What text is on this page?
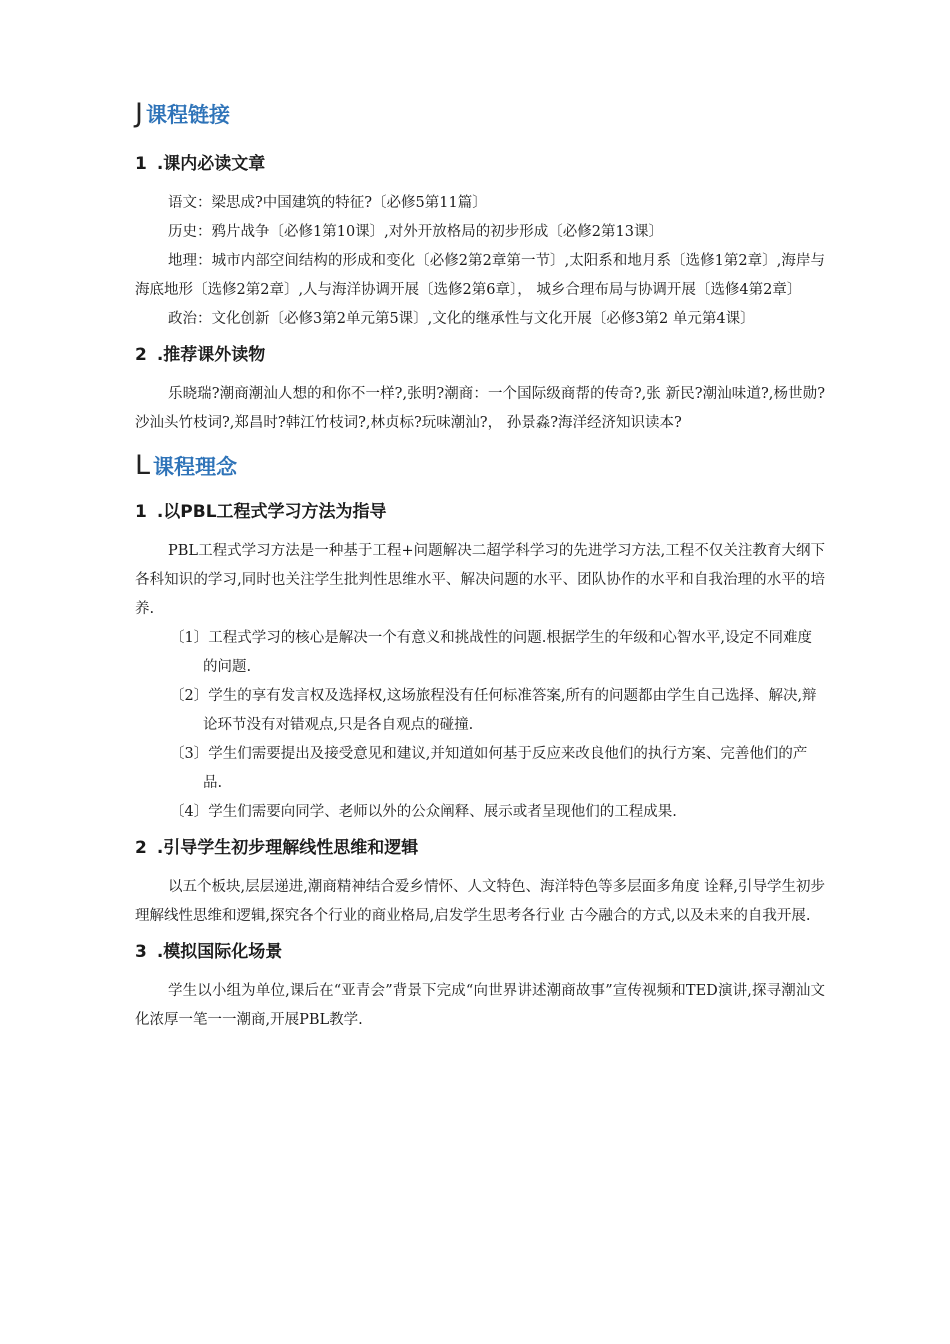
J 课程链接
1 .课内必读文章

语文：梁思成?中国建筑的特征?〔必修5第11篇〕

历史：鸦片战争〔必修1第10课〕,对外开放格局的初步形成〔必修2第13课〕

地理：城市内部空间结构的形成和变化〔必修2第2章第一节〕,太阳系和地月系〔选修1第2章〕,海岸与海底地形〔选修2第2章〕,人与海洋协调开展〔选修2第6章〕， 城乡合理布局与协调开展〔选修4第2章〕

政治：文化创新〔必修3第2单元第5课〕,文化的继承性与文化开展〔必修3第2 单元第4课〕

2 .推荐课外读物

乐晓瑞?潮商潮汕人想的和你不一样?,张明?潮商：一个国际级商帮的传奇?,张 新民?潮汕味道?,杨世勋?沙汕头竹枝词?,郑昌时?韩江竹枝词?,林贞标?玩味潮汕?， 孙景淼?海洋经济知识读本?

L 课程理念
1 .以PBL工程式学习方法为指导

PBL工程式学习方法是一种基于工程+问题解决二超学科学习的先进学习方法,工程不仅关注教育大纲下各科知识的学习,同时也关注学生批判性思维水平、解决问题的水平、团队协作的水平和自我治理的水平的培养.

〔1〕工程式学习的核心是解决一个有意义和挑战性的问题.根据学生的年级和心智水平,设定不同难度的问题.

〔2〕学生的享有发言权及选择权,这场旅程没有任何标准答案,所有的问题都由学生自己选择、解决,辩论环节没有对错观点,只是各自观点的碰撞.

〔3〕学生们需要提出及接受意见和建议,并知道如何基于反应来改良他们的执行方案、完善他们的产品.

〔4〕学生们需要向同学、老师以外的公众阐释、展示或者呈现他们的工程成果.

2 .引导学生初步理解线性思维和逻辑

以五个板块,层层递进,潮商精神结合爱乡情怀、人文特色、海洋特色等多层面多角度 诠释,引导学生初步理解线性思维和逻辑,探究各个行业的商业格局,启发学生思考各行业 古今融合的方式,以及未来的自我开展.

3 .模拟国际化场景

学生以小组为单位,课后在“亚青会”背景下完成“向世界讲述潮商故事”宣传视频和TED演讲,探寻潮汕文化浓厚一笔一一潮商,开展PBL教学.
